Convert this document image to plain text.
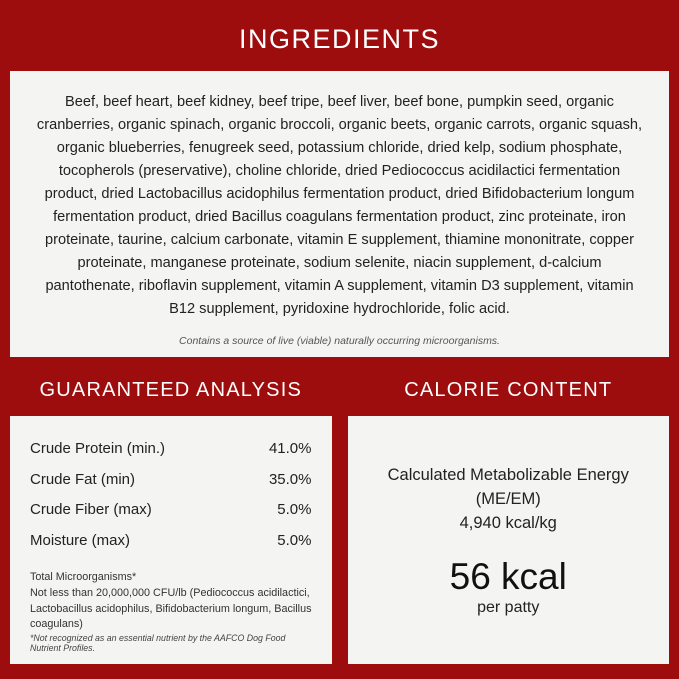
INGREDIENTS
Beef, beef heart, beef kidney, beef tripe, beef liver, beef bone, pumpkin seed, organic cranberries, organic spinach, organic broccoli, organic beets, organic carrots, organic squash, organic blueberries, fenugreek seed, potassium chloride, dried kelp, sodium phosphate, tocopherols (preservative), choline chloride, dried Pediococcus acidilactici fermentation product, dried Lactobacillus acidophilus fermentation product, dried Bifidobacterium longum fermentation product, dried Bacillus coagulans fermentation product, zinc proteinate, iron proteinate, taurine, calcium carbonate, vitamin E supplement, thiamine mononitrate, copper proteinate, manganese proteinate, sodium selenite, niacin supplement, d-calcium pantothenate, riboflavin supplement, vitamin A supplement, vitamin D3 supplement, vitamin B12 supplement, pyridoxine hydrochloride, folic acid.
Contains a source of live (viable) naturally occurring microorganisms.
GUARANTEED ANALYSIS	CALORIE CONTENT
Crude Protein (min.)	41.0%
Crude Fat (min)	35.0%
Crude Fiber (max)	5.0%
Moisture (max)	5.0%
Total Microorganisms*
Not less than 20,000,000 CFU/lb (Pediococcus acidilactici, Lactobacillus acidophilus, Bifidobacterium longum, Bacillus coagulans)
*Not recognized as an essential nutrient by the AAFCO Dog Food Nutrient Profiles.
Calculated Metabolizable Energy (ME/EM)
4,940 kcal/kg
56 kcal
per patty
